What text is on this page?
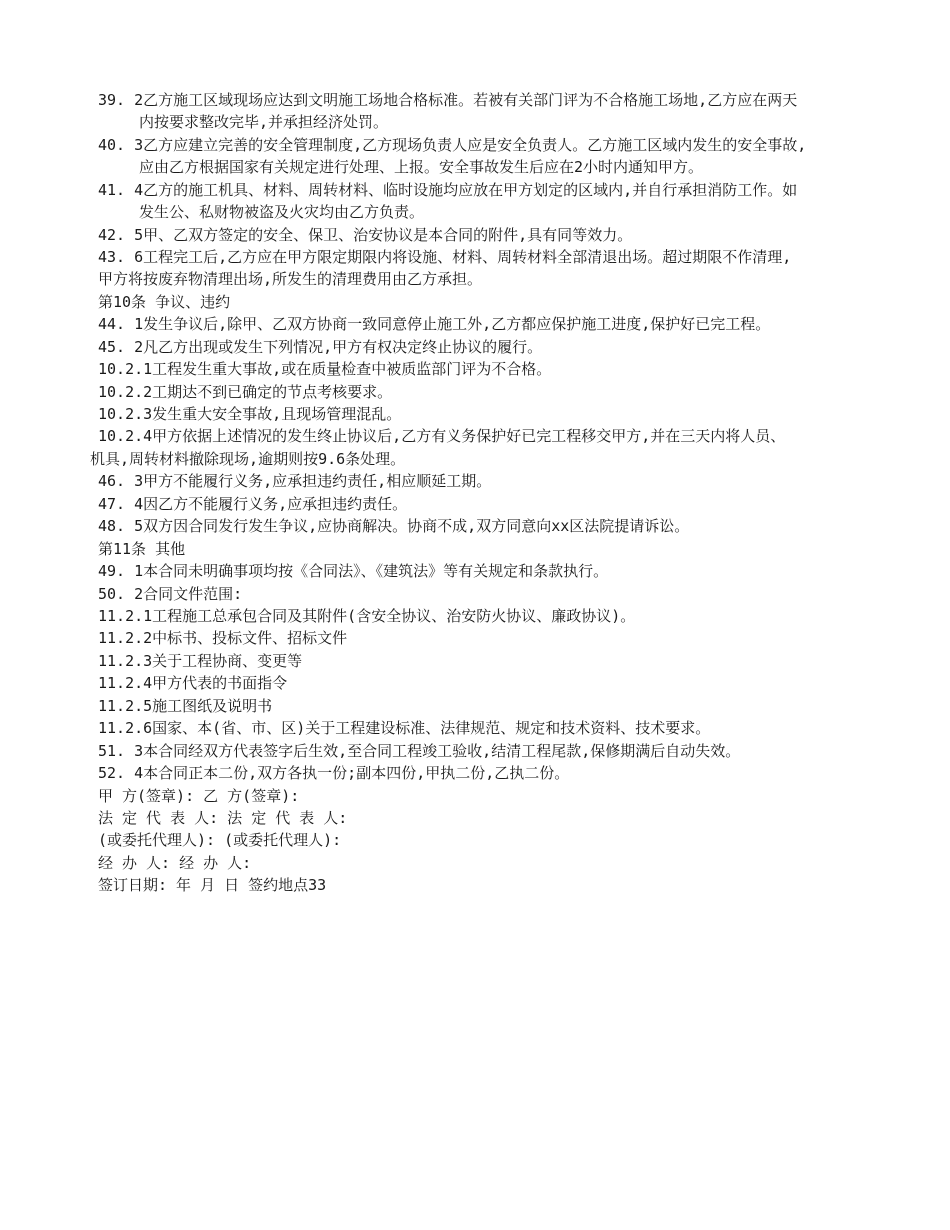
39. 2乙方施工区域现场应达到文明施工场地合格标准。若被有关部门评为不合格施工场地,乙方应在两天
内按要求整改完毕,并承担经济处罚。
40. 3乙方应建立完善的安全管理制度,乙方现场负责人应是安全负责人。乙方施工区域内发生的安全事故,
应由乙方根据国家有关规定进行处理、上报。安全事故发生后应在2小时内通知甲方。
41. 4乙方的施工机具、材料、周转材料、临时设施均应放在甲方划定的区域内,并自行承担消防工作。如
发生公、私财物被盗及火灾均由乙方负责。
42. 5甲、乙双方签定的安全、保卫、治安协议是本合同的附件,具有同等效力。
43. 6工程完工后,乙方应在甲方限定期限内将设施、材料、周转材料全部清退出场。超过期限不作清理,
甲方将按废弃物清理出场,所发生的清理费用由乙方承担。
第10条 争议、违约
44. 1发生争议后,除甲、乙双方协商一致同意停止施工外,乙方都应保护施工进度,保护好已完工程。
45. 2凡乙方出现或发生下列情况,甲方有权决定终止协议的履行。
10.2.1工程发生重大事故,或在质量检查中被质监部门评为不合格。
10.2.2工期达不到已确定的节点考核要求。
10.2.3发生重大安全事故,且现场管理混乱。
10.2.4甲方依据上述情况的发生终止协议后,乙方有义务保护好已完工程移交甲方,并在三天内将人员、
机具,周转材料撤除现场,逾期则按9.6条处理。
46. 3甲方不能履行义务,应承担违约责任,相应顺延工期。
47. 4因乙方不能履行义务,应承担违约责任。
48. 5双方因合同发行发生争议,应协商解决。协商不成,双方同意向xx区法院提请诉讼。
第11条 其他
49. 1本合同未明确事项均按《合同法》、《建筑法》等有关规定和条款执行。
50. 2合同文件范围:
11.2.1工程施工总承包合同及其附件(含安全协议、治安防火协议、廉政协议)。
11.2.2中标书、投标文件、招标文件
11.2.3关于工程协商、变更等
11.2.4甲方代表的书面指令
11.2.5施工图纸及说明书
11.2.6国家、本(省、市、区)关于工程建设标准、法律规范、规定和技术资料、技术要求。
51. 3本合同经双方代表签字后生效,至合同工程竣工验收,结清工程尾款,保修期满后自动失效。
52. 4本合同正本二份,双方各执一份;副本四份,甲执二份,乙执二份。
甲 方(签章): 乙 方(签章):
法 定 代 表 人: 法 定 代 表 人:
(或委托代理人): (或委托代理人):
经 办 人: 经 办 人:
签订日期: 年 月 日 签约地点33
